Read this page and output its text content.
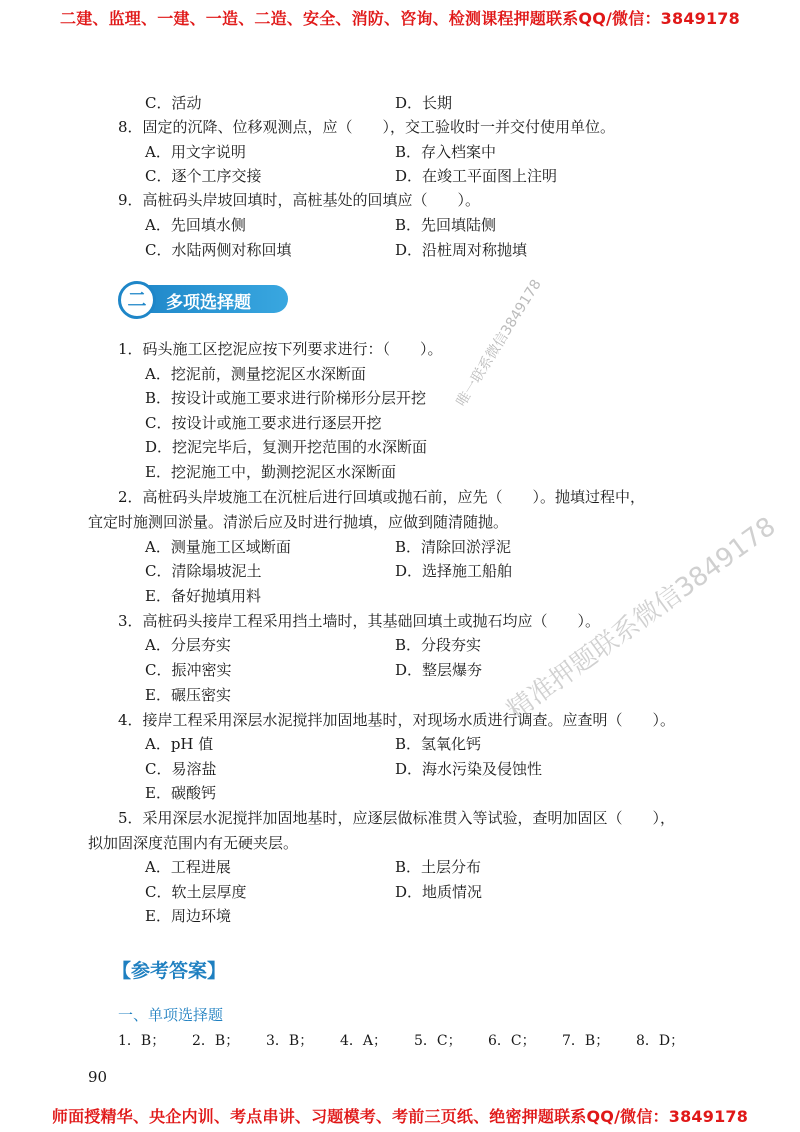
二建、监理、一建、一造、二造、安全、消防、咨询、检测课程押题联系QQ/微信：3849178
C．活动	D．长期
8．固定的沉降、位移观测点，应（　　），交工验收时一并交付使用单位。
A．用文字说明	B．存入档案中
C．逐个工序交接	D．在竣工平面图上注明
9．高桩码头岸坡回填时，高桩基处的回填应（　　）。
A．先回填水侧	B．先回填陆侧
C．水陆两侧对称回填	D．沿桩周对称抛填
二	多项选择题
1．码头施工区挖泥应按下列要求进行：（　　）。
A．挖泥前，测量挖泥区水深断面
B．按设计或施工要求进行阶梯形分层开挖
C．按设计或施工要求进行逐层开挖
D．挖泥完毕后，复测开挖范围的水深断面
E．挖泥施工中，勤测挖泥区水深断面
2．高桩码头岸坡施工在沉桩后进行回填或抛石前，应先（　　）。抛填过程中，
宜定时施测回淤量。清淤后应及时进行抛填，应做到随清随抛。
A．测量施工区域断面	B．清除回淤浮泥
C．清除塌坡泥土	D．选择施工船舶
E．备好抛填用料
3．高桩码头接岸工程采用挡土墙时，其基础回填土或抛石均应（　　）。
A．分层夯实	B．分段夯实
C．振冲密实	D．整层爆夯
E．碾压密实
4．接岸工程采用深层水泥搅拌加固地基时，对现场水质进行调查。应查明（　　）。
A．pH 值	B．氢氧化钙
C．易溶盐	D．海水污染及侵蚀性
E．碳酸钙
5．采用深层水泥搅拌加固地基时，应逐层做标准贯入等试验，查明加固区（　　），
拟加固深度范围内有无硬夹层。
A．工程进展	B．土层分布
C．软土层厚度	D．地质情况
E．周边环境
【参考答案】
一、单项选择题
1．B； 2．B； 3．B； 4．A； 5．C； 6．C； 7．B； 8．D；
90
唯一联系微信3849178
精准押题联系微信3849178
师面授精华、央企内训、考点串讲、习题模考、考前三页纸、绝密押题联系QQ/微信：3849178
